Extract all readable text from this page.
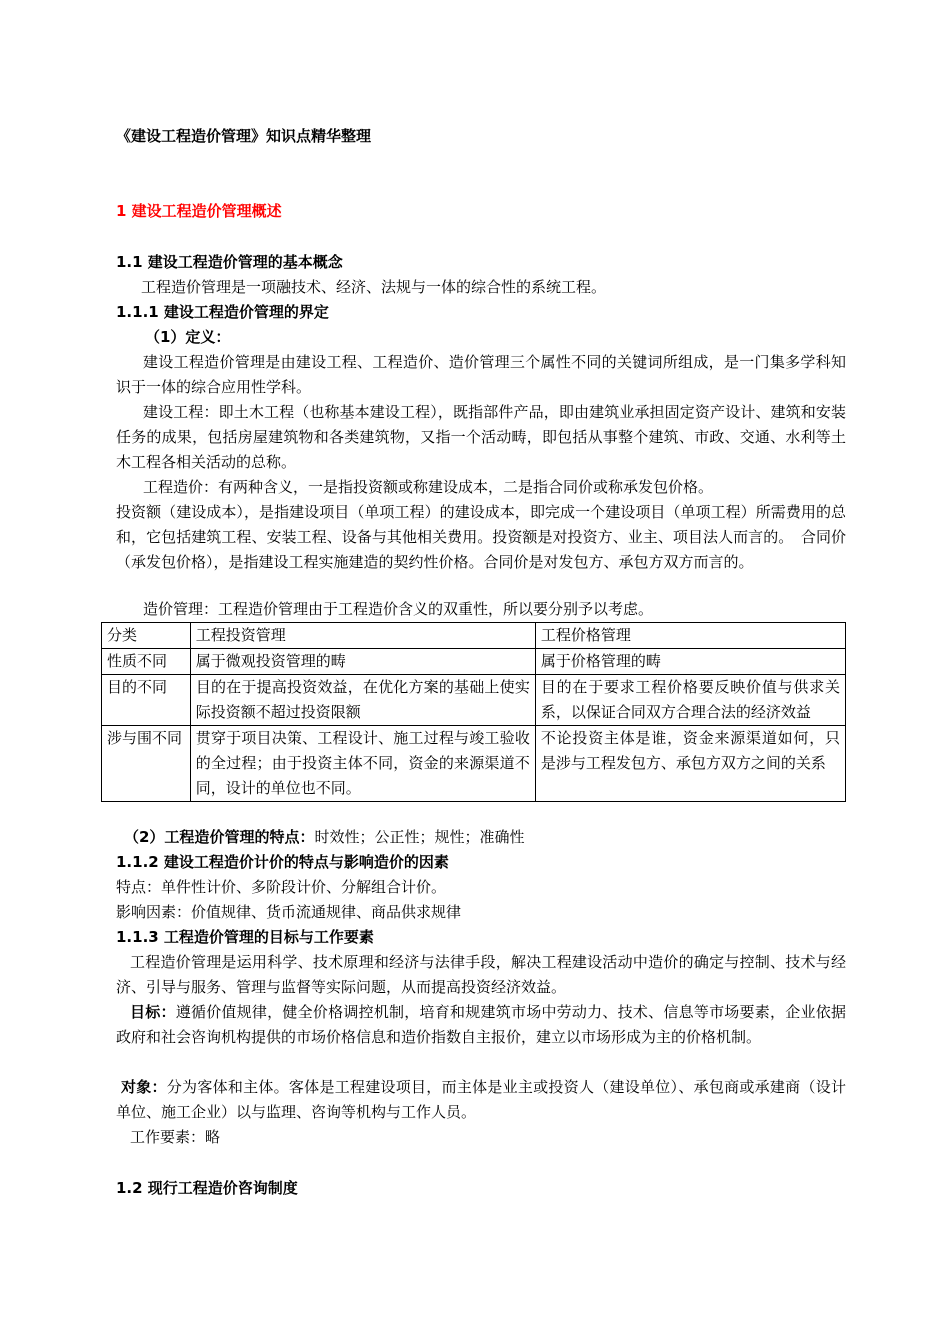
《建设工程造价管理》知识点精华整理
1 建设工程造价管理概述
1.1 建设工程造价管理的基本概念
工程造价管理是一项融技术、经济、法规与一体的综合性的系统工程。
1.1.1 建设工程造价管理的界定
（1）定义：
建设工程造价管理是由建设工程、工程造价、造价管理三个属性不同的关键词所组成，是一门集多学科知识于一体的综合应用性学科。
建设工程：即土木工程（也称基本建设工程），既指部件产品，即由建筑业承担固定资产设计、建筑和安装任务的成果，包括房屋建筑物和各类建筑物，又指一个活动畴，即包括从事整个建筑、市政、交通、水利等土木工程各相关活动的总称。
工程造价：有两种含义，一是指投资额或称建设成本，二是指合同价或称承发包价格。
投资额（建设成本），是指建设项目（单项工程）的建设成本，即完成一个建设项目（单项工程）所需费用的总和，它包括建筑工程、安装工程、设备与其他相关费用。投资额是对投资方、业主、项目法人而言的。　合同价（承发包价格），是指建设工程实施建造的契约性价格。合同价是对发包方、承包方双方而言的。
造价管理：工程造价管理由于工程造价含义的双重性，所以要分别予以考虑。
分类	工程投资管理	工程价格管理
性质不同	属于微观投资管理的畴	属于价格管理的畴
目的不同	目的在于提高投资效益，在优化方案的基础上使实际投资额不超过投资限额	目的在于要求工程价格要反映价值与供求关系，以保证合同双方合理合法的经济效益
涉与围不同	贯穿于项目决策、工程设计、施工过程与竣工验收的全过程；由于投资主体不同，资金的来源渠道不同，设计的单位也不同。	不论投资主体是谁，资金来源渠道如何，只是涉与工程发包方、承包方双方之间的关系
（2）工程造价管理的特点：时效性；公正性；规性；准确性
1.1.2 建设工程造价计价的特点与影响造价的因素
特点：单件性计价、多阶段计价、分解组合计价。
影响因素：价值规律、货币流通规律、商品供求规律
1.1.3 工程造价管理的目标与工作要素
工程造价管理是运用科学、技术原理和经济与法律手段，解决工程建设活动中造价的确定与控制、技术与经济、引导与服务、管理与监督等实际问题，从而提高投资经济效益。
目标：遵循价值规律，健全价格调控机制，培育和规建筑市场中劳动力、技术、信息等市场要素，企业依据政府和社会咨询机构提供的市场价格信息和造价指数自主报价，建立以市场形成为主的价格机制。
对象：分为客体和主体。客体是工程建设项目，而主体是业主或投资人（建设单位）、承包商或承建商（设计单位、施工企业）以与监理、咨询等机构与工作人员。
工作要素：略
1.2 现行工程造价咨询制度
